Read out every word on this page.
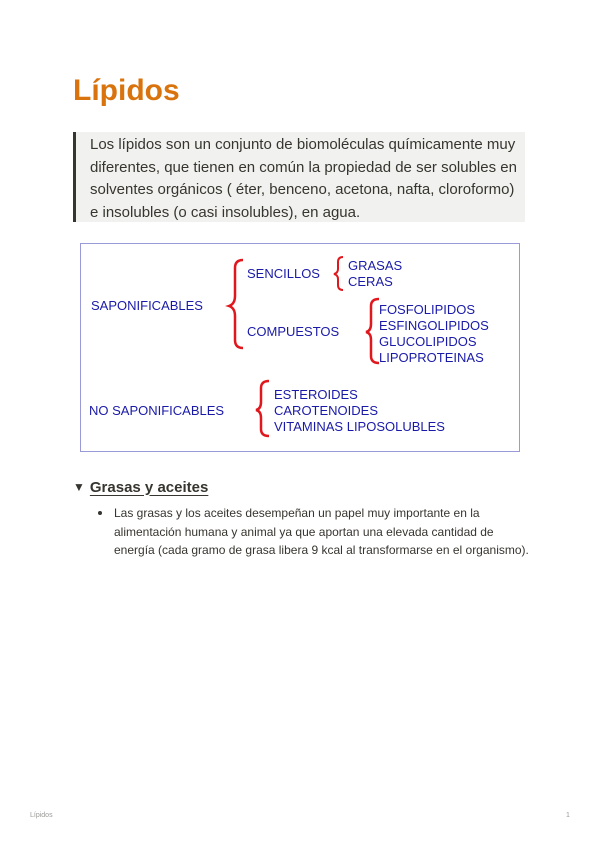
Lípidos
Los lípidos son un conjunto de biomoléculas químicamente muy diferentes, que tienen en común la propiedad de ser solubles en solventes orgánicos ( éter, benceno, acetona, nafta, cloroformo) e insolubles (o casi insolubles), en agua.
SAPONIFICABLES
SENCILLOS
GRASAS
CERAS
COMPUESTOS
FOSFOLIPIDOS
ESFINGOLIPIDOS
GLUCOLIPIDOS
LIPOPROTEINAS
NO SAPONIFICABLES
ESTEROIDES
CAROTENOIDES
VITAMINAS LIPOSOLUBLES
▼ Grasas y aceites
Las grasas y los aceites desempeñan un papel muy importante en la alimentación humana y animal ya que aportan una elevada cantidad de energía (cada gramo de grasa libera 9 kcal al transformarse en el organismo).
Lípidos	1
